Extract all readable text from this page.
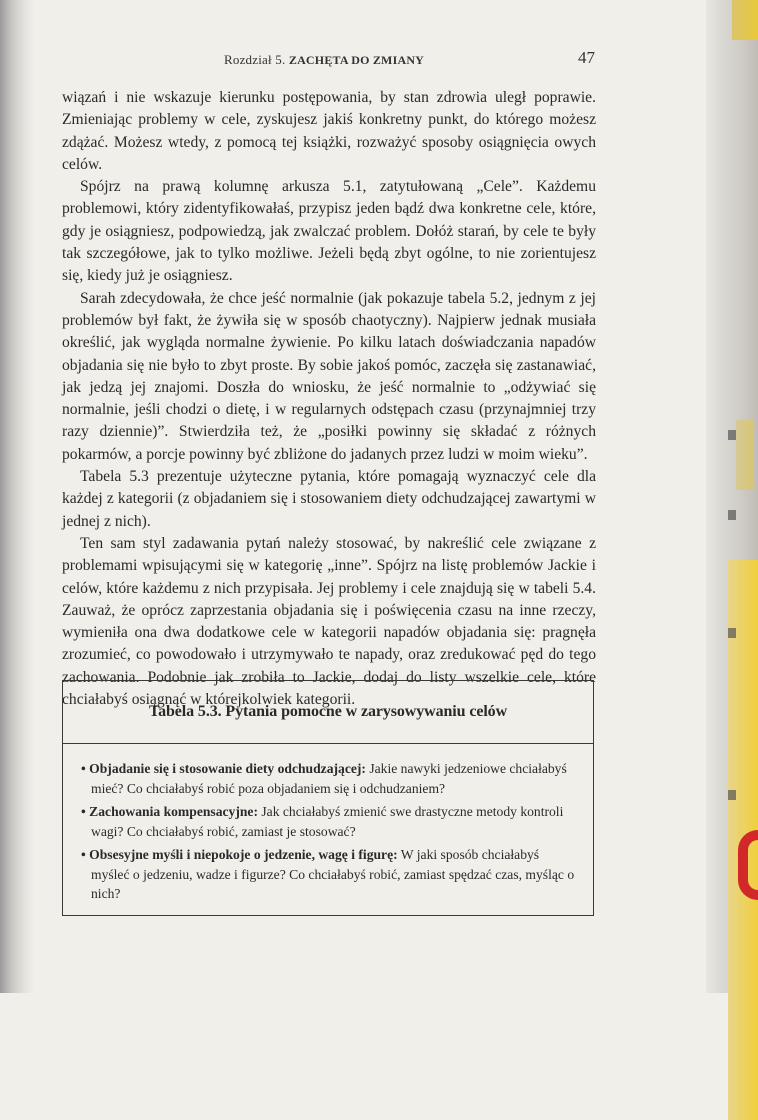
Rozdział 5. ZACHĘTA DO ZMIANY	47

wiązań i nie wskazuje kierunku postępowania, by stan zdrowia uległ poprawie. Zmieniając problemy w cele, zyskujesz jakiś konkretny punkt, do którego możesz zdążać. Możesz wtedy, z pomocą tej książki, rozważyć sposoby osiągnięcia owych celów.

Spójrz na prawą kolumnę arkusza 5.1, zatytułowaną „Cele”. Każdemu problemowi, który zidentyfikowałaś, przypisz jeden bądź dwa konkretne cele, które, gdy je osiągniesz, podpowiedzą, jak zwalczać problem. Dołóż starań, by cele te były tak szczegółowe, jak to tylko możliwe. Jeżeli będą zbyt ogólne, to nie zorientujesz się, kiedy już je osiągniesz.

Sarah zdecydowała, że chce jeść normalnie (jak pokazuje tabela 5.2, jednym z jej problemów był fakt, że żywiła się w sposób chaotyczny). Najpierw jednak musiała określić, jak wygląda normalne żywienie. Po kilku latach doświadczania napadów objadania się nie było to zbyt proste. By sobie jakoś pomóc, zaczęła się zastanawiać, jak jedzą jej znajomi. Doszła do wniosku, że jeść normalnie to „odżywiać się normalnie, jeśli chodzi o dietę, i w regularnych odstępach czasu (przynajmniej trzy razy dziennie)”. Stwierdziła też, że „posiłki powinny się składać z różnych pokarmów, a porcje powinny być zbliżone do jadanych przez ludzi w moim wieku”.

Tabela 5.3 prezentuje użyteczne pytania, które pomagają wyznaczyć cele dla każdej z kategorii (z objadaniem się i stosowaniem diety odchudzającej zawartymi w jednej z nich).

Ten sam styl zadawania pytań należy stosować, by nakreślić cele związane z problemami wpisującymi się w kategorię „inne”. Spójrz na listę problemów Jackie i celów, które każdemu z nich przypisała. Jej problemy i cele znajdują się w tabeli 5.4. Zauważ, że oprócz zaprzestania objadania się i poświęcenia czasu na inne rzeczy, wymieniła ona dwa dodatkowe cele w kategorii napadów objadania się: pragnęła zrozumieć, co powodowało i utrzymywało te napady, oraz zredukować pęd do tego zachowania. Podobnie jak zrobiła to Jackie, dodaj do listy wszelkie cele, które chciałabyś osiągnąć w którejkolwiek kategorii.

Tabela 5.3. Pytania pomocne w zarysowywaniu celów
• Objadanie się i stosowanie diety odchudzającej: Jakie nawyki jedzeniowe chciałabyś mieć? Co chciałabyś robić poza objadaniem się i odchudzaniem?
• Zachowania kompensacyjne: Jak chciałabyś zmienić swe drastyczne metody kontroli wagi? Co chciałabyś robić, zamiast je stosować?
• Obsesyjne myśli i niepokoje o jedzenie, wagę i figurę: W jaki sposób chciałabyś myśleć o jedzeniu, wadze i figurze? Co chciałabyś robić, zamiast spędzać czas, myśląc o nich?
